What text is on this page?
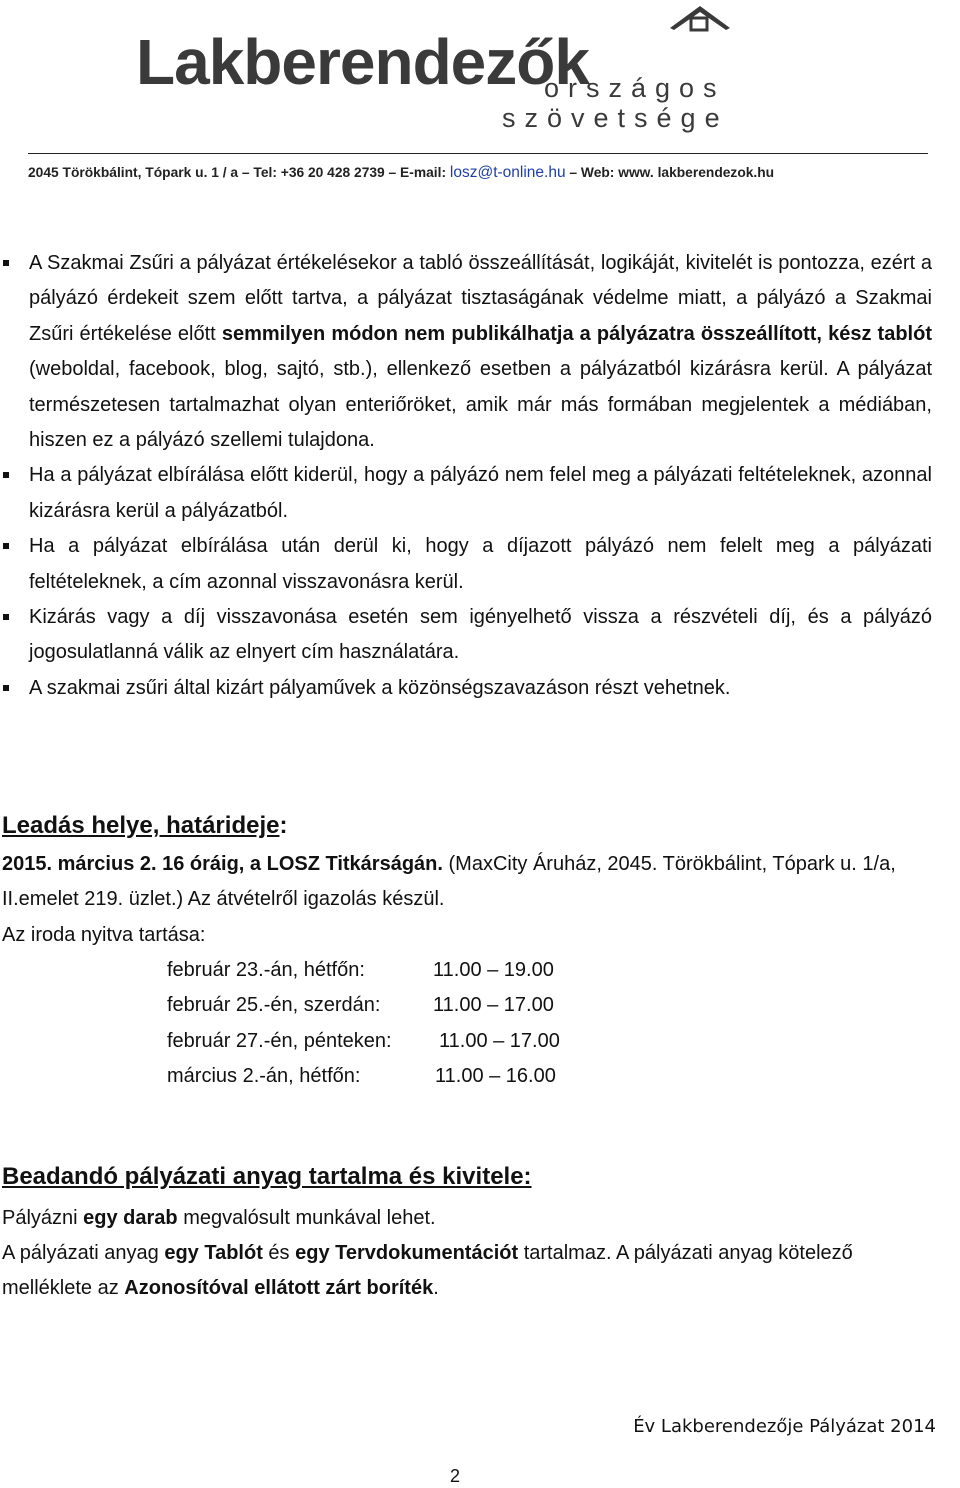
Lakberendezők
országos
szövetsége
2045 Törökbálint, Tópark u. 1 / a – Tel: +36 20 428 2739 – E-mail: losz@t-online.hu – Web: www. lakberendezok.hu
A Szakmai Zsűri a pályázat értékelésekor a tabló összeállítását, logikáját, kivitelét is pontozza, ezért a pályázó érdekeit szem előtt tartva, a pályázat tisztaságának védelme miatt, a pályázó a Szakmai Zsűri értékelése előtt semmilyen módon nem publikálhatja a pályázatra összeállított, kész tablót (weboldal, facebook, blog, sajtó, stb.), ellenkező esetben a pályázatból kizárásra kerül. A pályázat természetesen tartalmazhat olyan enteriőröket, amik már más formában megjelentek a médiában, hiszen ez a pályázó szellemi tulajdona.
Ha a pályázat elbírálása előtt kiderül, hogy a pályázó nem felel meg a pályázati feltételeknek, azonnal kizárásra kerül a pályázatból.
Ha a pályázat elbírálása után derül ki, hogy a díjazott pályázó nem felelt meg a pályázati feltételeknek, a cím azonnal visszavonásra kerül.
Kizárás vagy a díj visszavonása esetén sem igényelhető vissza a részvételi díj, és a pályázó jogosulatlanná válik az elnyert cím használatára.
A szakmai zsűri által kizárt pályaművek a közönségszavazáson részt vehetnek.
Leadás helye, határideje:
2015. március 2. 16 óráig, a LOSZ Titkárságán. (MaxCity Áruház, 2045. Törökbálint, Tópark u. 1/a, II.emelet 219. üzlet.) Az átvételről igazolás készül.
Az iroda nyitva tartása:
február 23.-án, hétfőn:	11.00 – 19.00
február 25.-én, szerdán:	11.00 – 17.00
február 27.-én, pénteken:	11.00 – 17.00
március 2.-án, hétfőn:	11.00 – 16.00
Beadandó pályázati anyag tartalma és kivitele:
Pályázni egy darab megvalósult munkával lehet.
A pályázati anyag egy Tablót és egy Tervdokumentációt tartalmaz. A pályázati anyag kötelező melléklete az Azonosítóval ellátott zárt boríték.
Év Lakberendezője Pályázat 2014
2
